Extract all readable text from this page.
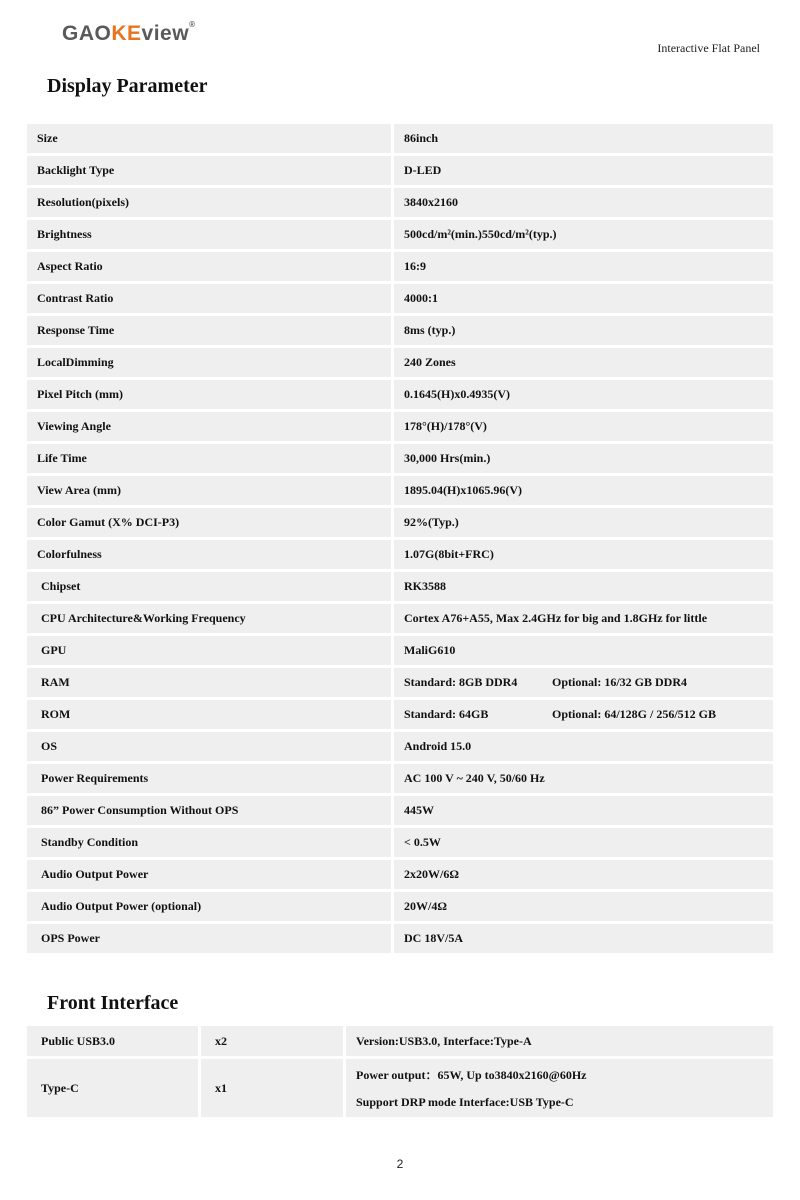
GAOKEview®
Interactive Flat Panel
Display Parameter
Size	86inch
Backlight Type	D-LED
Resolution(pixels)	3840x2160
Brightness	500cd/m²(min.)550cd/m²(typ.)
Aspect Ratio	16:9
Contrast Ratio	4000:1
Response Time	8ms (typ.)
LocalDimming	240 Zones
Pixel Pitch (mm)	0.1645(H)x0.4935(V)
Viewing Angle	178°(H)/178°(V)
Life Time	30,000 Hrs(min.)
View Area (mm)	1895.04(H)x1065.96(V)
Color Gamut (X% DCI-P3)	92%(Typ.)
Colorfulness	1.07G(8bit+FRC)
Chipset	RK3588
CPU Architecture&Working Frequency	Cortex A76+A55, Max 2.4GHz for big and 1.8GHz for little
GPU	MaliG610
RAM	Standard: 8GB DDR4 Optional: 16/32 GB DDR4

ROM	Standard: 64GB Optional: 64/128G / 256/512 GB

OS	Android 15.0
Power Requirements	AC 100 V ~ 240 V, 50/60 Hz
86” Power Consumption Without OPS	445W
Standby Condition	< 0.5W
Audio Output Power	2x20W/6Ω
Audio Output Power (optional)	20W/4Ω
OPS Power	DC 18V/5A
Front Interface
Public USB3.0	x2	Version:USB3.0, Interface:Type-A
Type-C	x1	Power output：65W, Up to3840x2160@60Hz
Support DRP mode Interface:USB Type-C
2
